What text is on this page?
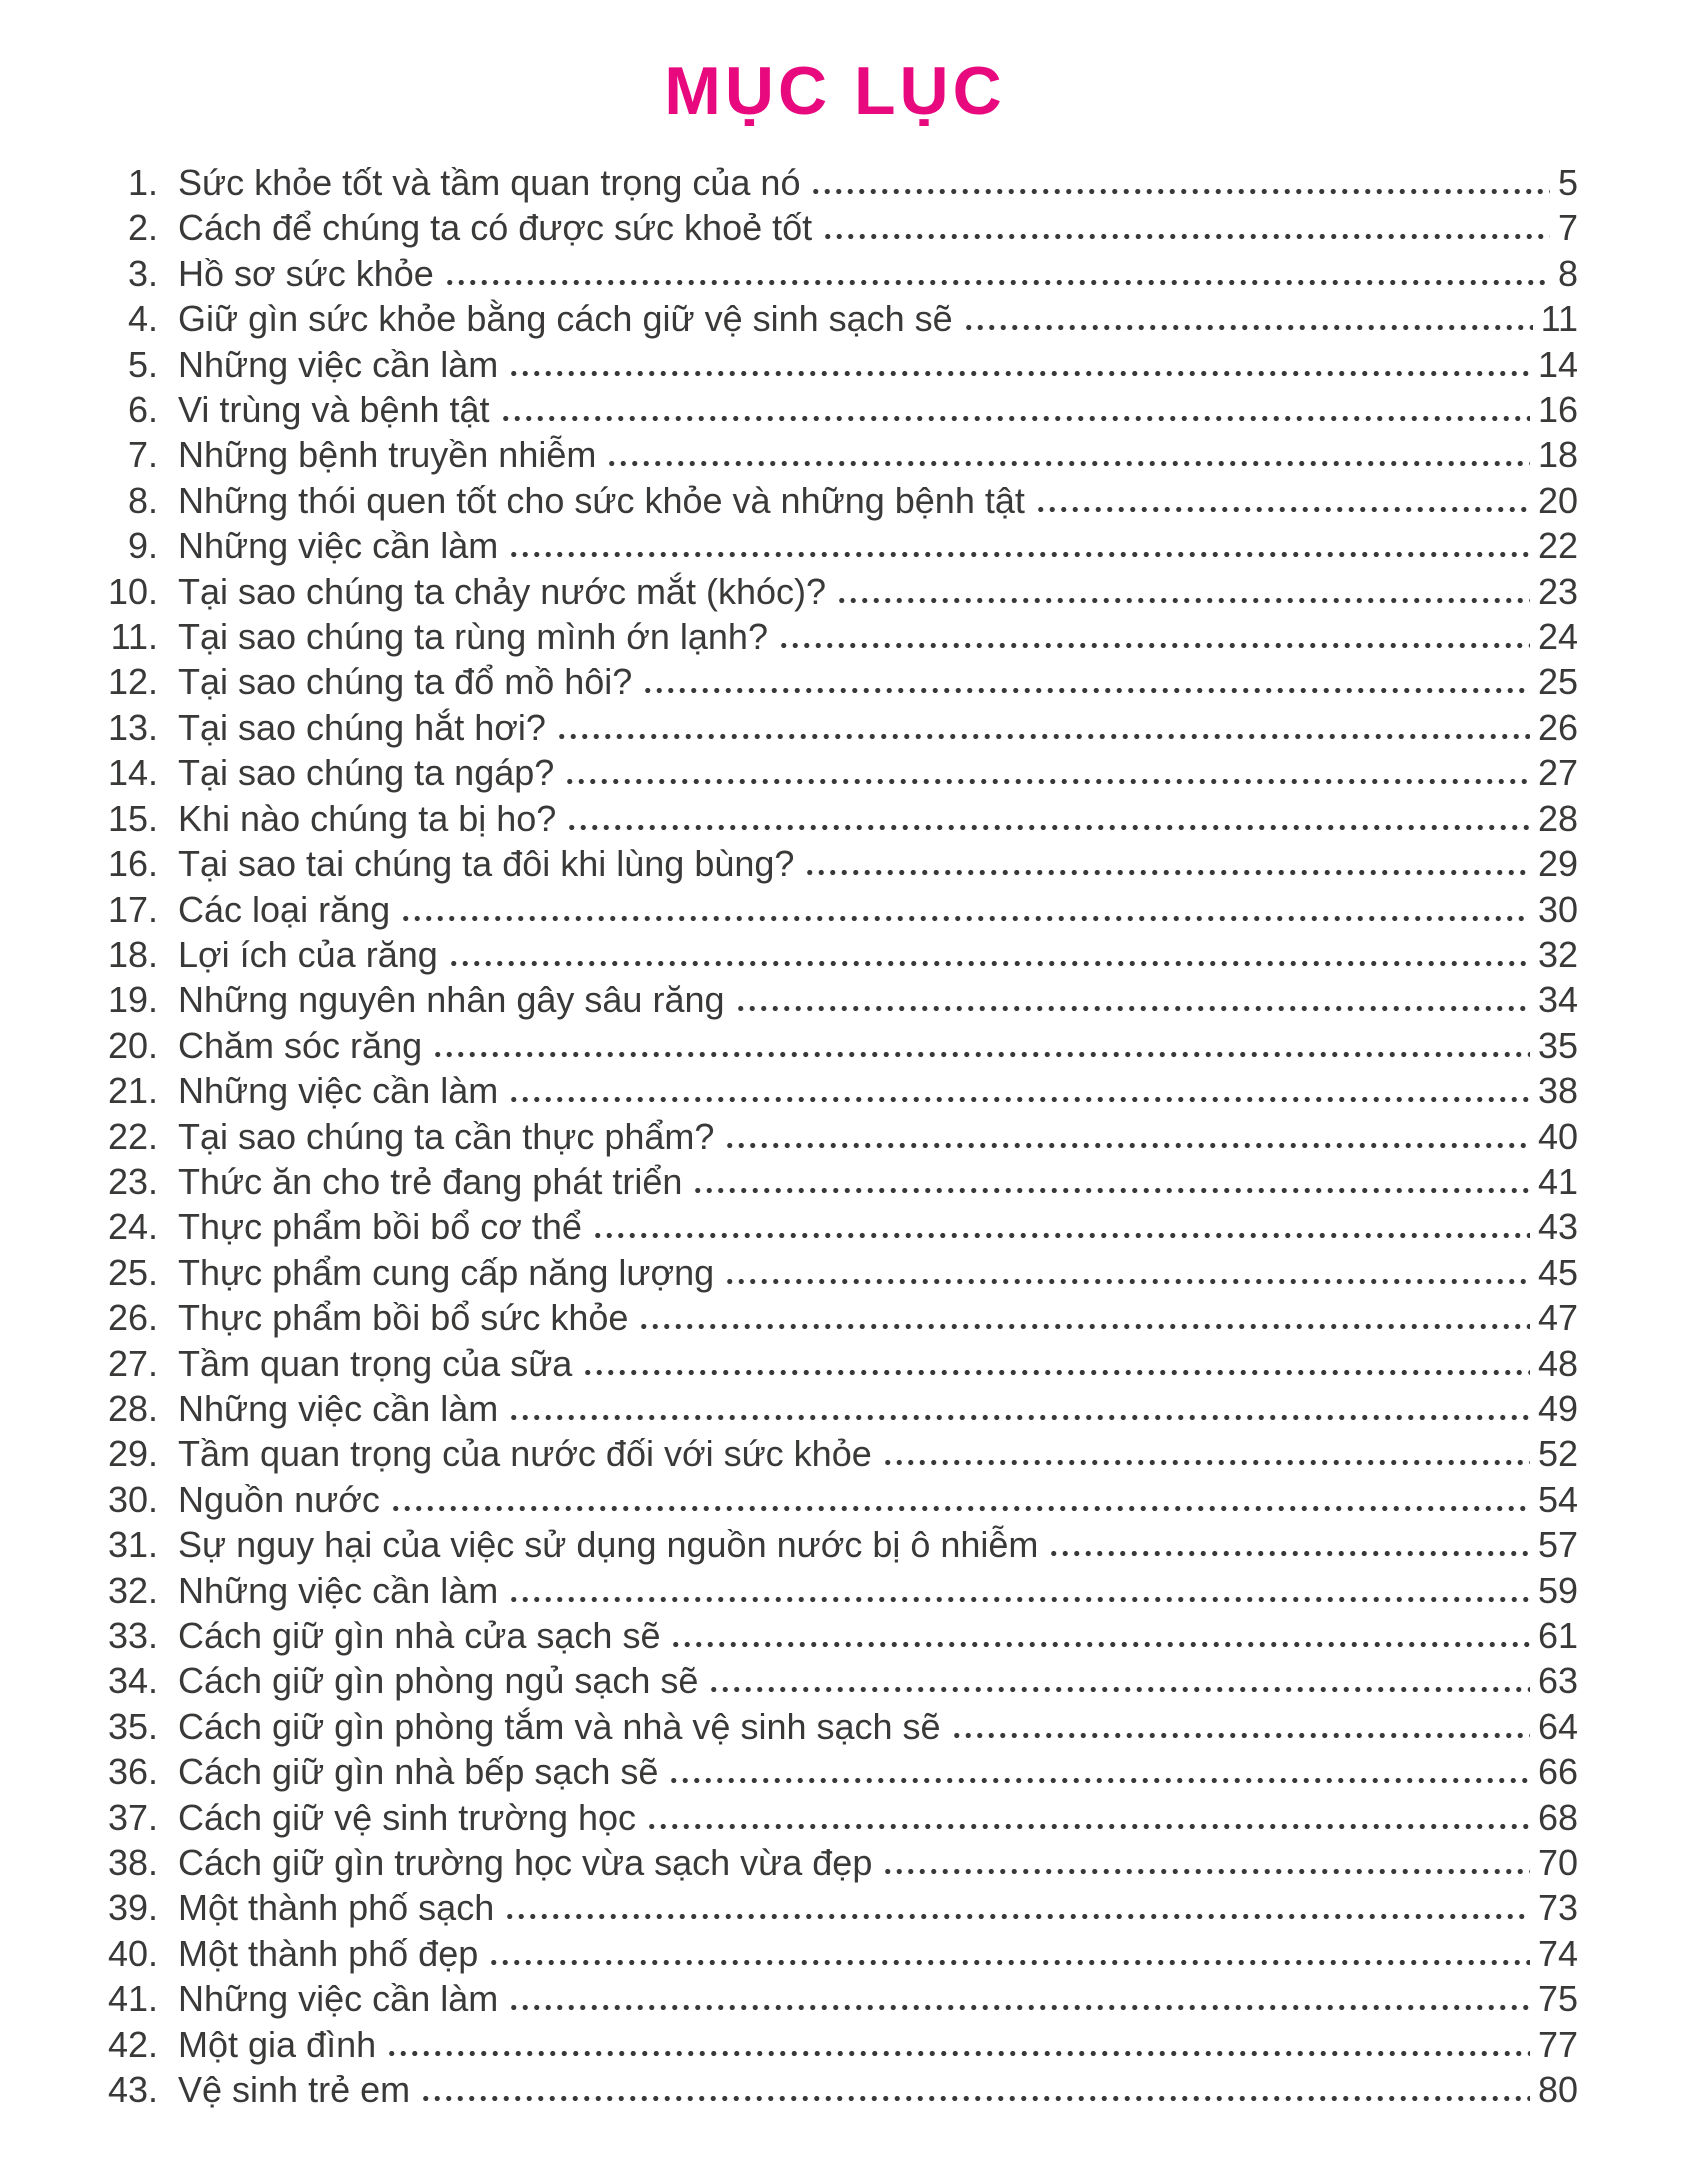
MỤC LỤC
1. Sức khỏe tốt và tầm quan trọng của nó	5
2. Cách để chúng ta có được sức khoẻ tốt	7
3. Hồ sơ sức khỏe	8
4. Giữ gìn sức khỏe bằng cách giữ vệ sinh sạch sẽ	11
5. Những việc cần làm	14
6. Vi trùng và bệnh tật	16
7. Những bệnh truyền nhiễm	18
8. Những thói quen tốt cho sức khỏe và những bệnh tật	20
9. Những việc cần làm	22
10. Tại sao chúng ta chảy nước mắt (khóc)?	23
11. Tại sao chúng ta rùng mình ớn lạnh?	24
12. Tại sao chúng ta đổ mồ hôi?	25
13. Tại sao chúng hắt hơi?	26
14. Tại sao chúng ta ngáp?	27
15. Khi nào chúng ta bị ho?	28
16. Tại sao tai chúng ta đôi khi lùng bùng?	29
17. Các loại răng	30
18. Lợi ích của răng	32
19. Những nguyên nhân gây sâu răng	34
20. Chăm sóc răng	35
21. Những việc cần làm	38
22. Tại sao chúng ta cần thực phẩm?	40
23. Thức ăn cho trẻ đang phát triển	41
24. Thực phẩm bồi bổ cơ thể	43
25. Thực phẩm cung cấp năng lượng	45
26. Thực phẩm bồi bổ sức khỏe	47
27. Tầm quan trọng của sữa	48
28. Những việc cần làm	49
29. Tầm quan trọng của nước đối với sức khỏe	52
30. Nguồn nước	54
31. Sự nguy hại của việc sử dụng nguồn nước bị ô nhiễm	57
32. Những việc cần làm	59
33. Cách giữ gìn nhà cửa sạch sẽ	61
34. Cách giữ gìn phòng ngủ sạch sẽ	63
35. Cách giữ gìn phòng tắm và nhà vệ sinh sạch sẽ	64
36. Cách giữ gìn nhà bếp sạch sẽ	66
37. Cách giữ vệ sinh trường học	68
38. Cách giữ gìn trường học vừa sạch vừa đẹp	70
39. Một thành phố sạch	73
40. Một thành phố đẹp	74
41. Những việc cần làm	75
42. Một gia đình	77
43. Vệ sinh trẻ em	80
